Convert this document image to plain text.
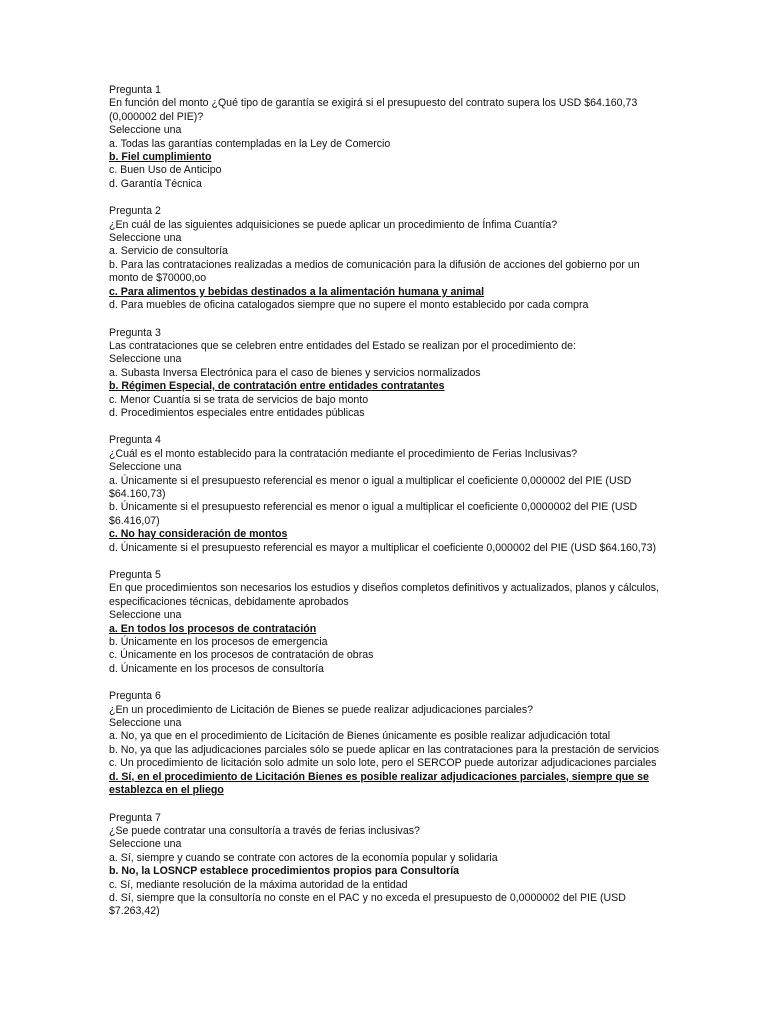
Pregunta 1
En función del monto ¿Qué tipo de garantía se exigirá si el presupuesto del contrato supera los USD $64.160,73 (0,000002 del PIE)?
Seleccione una
a. Todas las garantías contempladas en la Ley de Comercio
b. Fiel cumplimiento
c. Buen Uso de Anticipo
d. Garantía Técnica
Pregunta 2
¿En cuál de las siguientes adquisiciones se puede aplicar un procedimiento de Ínfima Cuantía?
Seleccione una
a. Servicio de consultoría
b. Para las contrataciones realizadas a medios de comunicación para la difusión de acciones del gobierno por un monto de $70000,oo
c. Para alimentos y bebidas destinados a la alimentación humana y animal
d. Para muebles de oficina catalogados siempre que no supere el monto establecido por cada compra
Pregunta 3
Las contrataciones que se celebren entre entidades del Estado se realizan por el procedimiento de:
Seleccione una
a. Subasta Inversa Electrónica para el caso de bienes y servicios normalizados
b. Régimen Especial, de contratación entre entidades contratantes
c. Menor Cuantía si se trata de servicios de bajo monto
d. Procedimientos especiales entre entidades públicas
Pregunta 4
¿Cuál es el monto establecido para la contratación mediante el procedimiento de Ferias Inclusivas?
Seleccione una
a. Únicamente si el presupuesto referencial es menor o igual a multiplicar el coeficiente 0,000002 del PIE (USD $64.160,73)
b. Únicamente si el presupuesto referencial es menor o igual a multiplicar el coeficiente 0,0000002 del PIE (USD $6.416,07)
c. No hay consideración de montos
d. Únicamente si el presupuesto referencial es mayor a multiplicar el coeficiente 0,000002 del PIE (USD $64.160,73)
Pregunta 5
En que procedimientos son necesarios los estudios y diseños completos definitivos y actualizados, planos y cálculos, especificaciones técnicas, debidamente aprobados
Seleccione una
a. En todos los procesos de contratación
b. Únicamente en los procesos de emergencia
c. Únicamente en los procesos de contratación de obras
d. Únicamente en los procesos de consultoría
Pregunta 6
¿En un procedimiento de Licitación de Bienes se puede realizar adjudicaciones parciales?
Seleccione una
a. No, ya que en el procedimiento de Licitación de Bienes únicamente es posible realizar adjudicación total
b. No, ya que las adjudicaciones parciales sólo se puede aplicar en las contrataciones para la prestación de servicios
c. Un procedimiento de licitación solo admite un solo lote, pero el SERCOP puede autorizar adjudicaciones parciales
d. Sí, en el procedimiento de Licitación Bienes es posible realizar adjudicaciones parciales, siempre que se establezca en el pliego
Pregunta 7
¿Se puede contratar una consultoría a través de ferias inclusivas?
Seleccione una
a. Sí, siempre y cuando se contrate con actores de la economía popular y solidaria
b. No, la LOSNCP establece procedimientos propios para Consultoría
c. Sí, mediante resolución de la máxima autoridad de la entidad
d. Sí, siempre que la consultoría no conste en el PAC y no exceda el presupuesto de 0,0000002 del PIE (USD $7.263,42)
